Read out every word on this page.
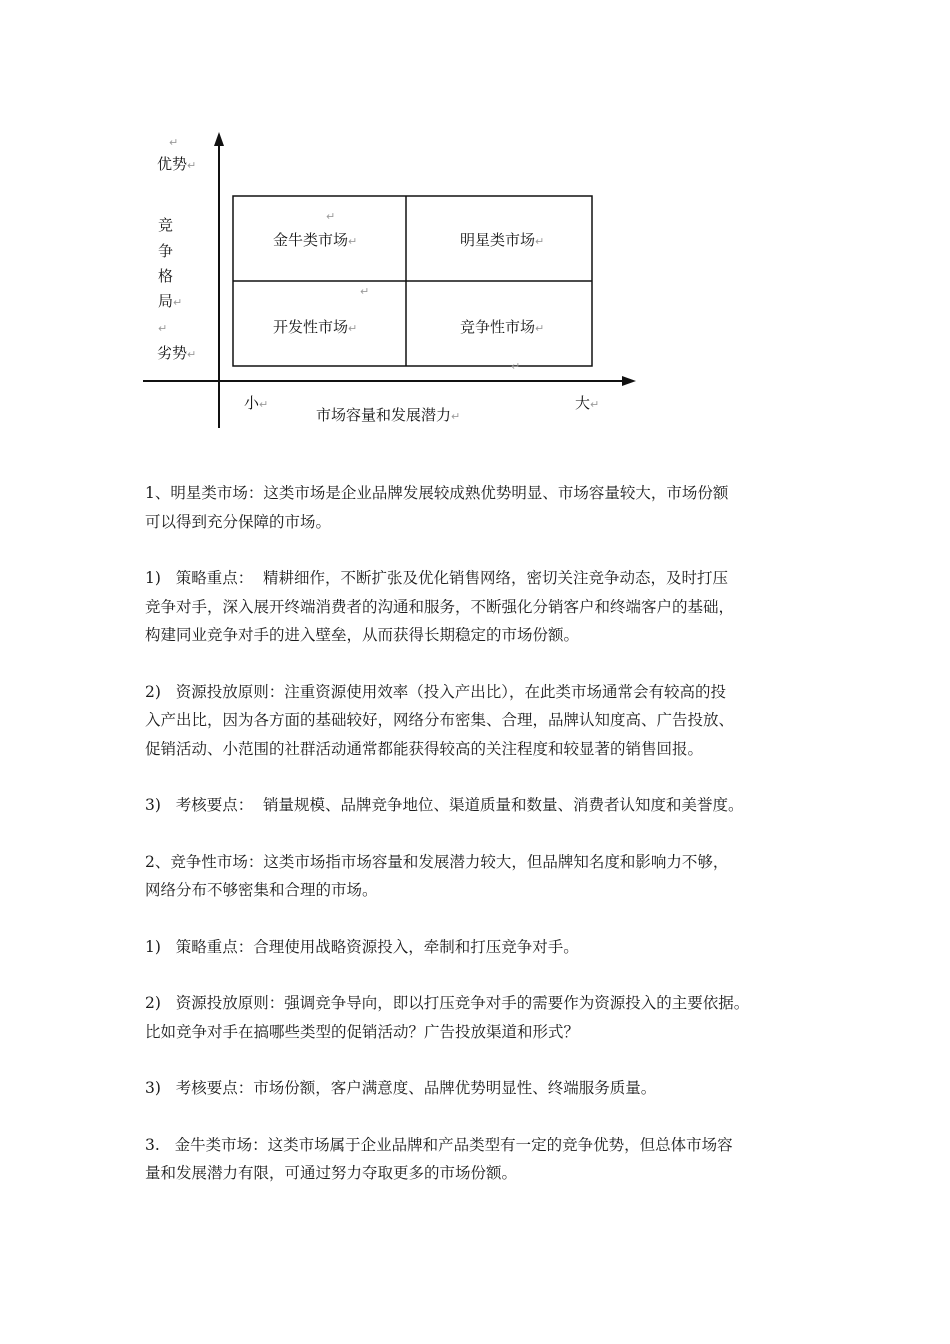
↵
优势↵
竞
争
格
局↵
↵
劣势↵
↵
金牛类市场↵	明星类市场↵
↵
开发性市场↵	竞争性市场↵
↵
小↵
市场容量和发展潜力↵
大↵

1、明星类市场：这类市场是企业品牌发展较成熟优势明显、市场容量较大，市场份额
可以得到充分保障的市场。

1)   策略重点：  精耕细作，不断扩张及优化销售网络，密切关注竞争动态，及时打压
竞争对手，深入展开终端消费者的沟通和服务，不断强化分销客户和终端客户的基础，
构建同业竞争对手的进入壁垒，从而获得长期稳定的市场份额。

2)   资源投放原则：注重资源使用效率（投入产出比），在此类市场通常会有较高的投
入产出比，因为各方面的基础较好，网络分布密集、合理，品牌认知度高、广告投放、
促销活动、小范围的社群活动通常都能获得较高的关注程度和较显著的销售回报。

3)   考核要点：  销量规模、品牌竞争地位、渠道质量和数量、消费者认知度和美誉度。

2、竞争性市场：这类市场指市场容量和发展潜力较大，但品牌知名度和影响力不够，
网络分布不够密集和合理的市场。

1)   策略重点：合理使用战略资源投入，牵制和打压竞争对手。

2)   资源投放原则：强调竞争导向，即以打压竞争对手的需要作为资源投入的主要依据。
比如竞争对手在搞哪些类型的促销活动？广告投放渠道和形式？

3)   考核要点：市场份额，客户满意度、品牌优势明显性、终端服务质量。

3.   金牛类市场：这类市场属于企业品牌和产品类型有一定的竞争优势，但总体市场容
量和发展潜力有限，可通过努力夺取更多的市场份额。
